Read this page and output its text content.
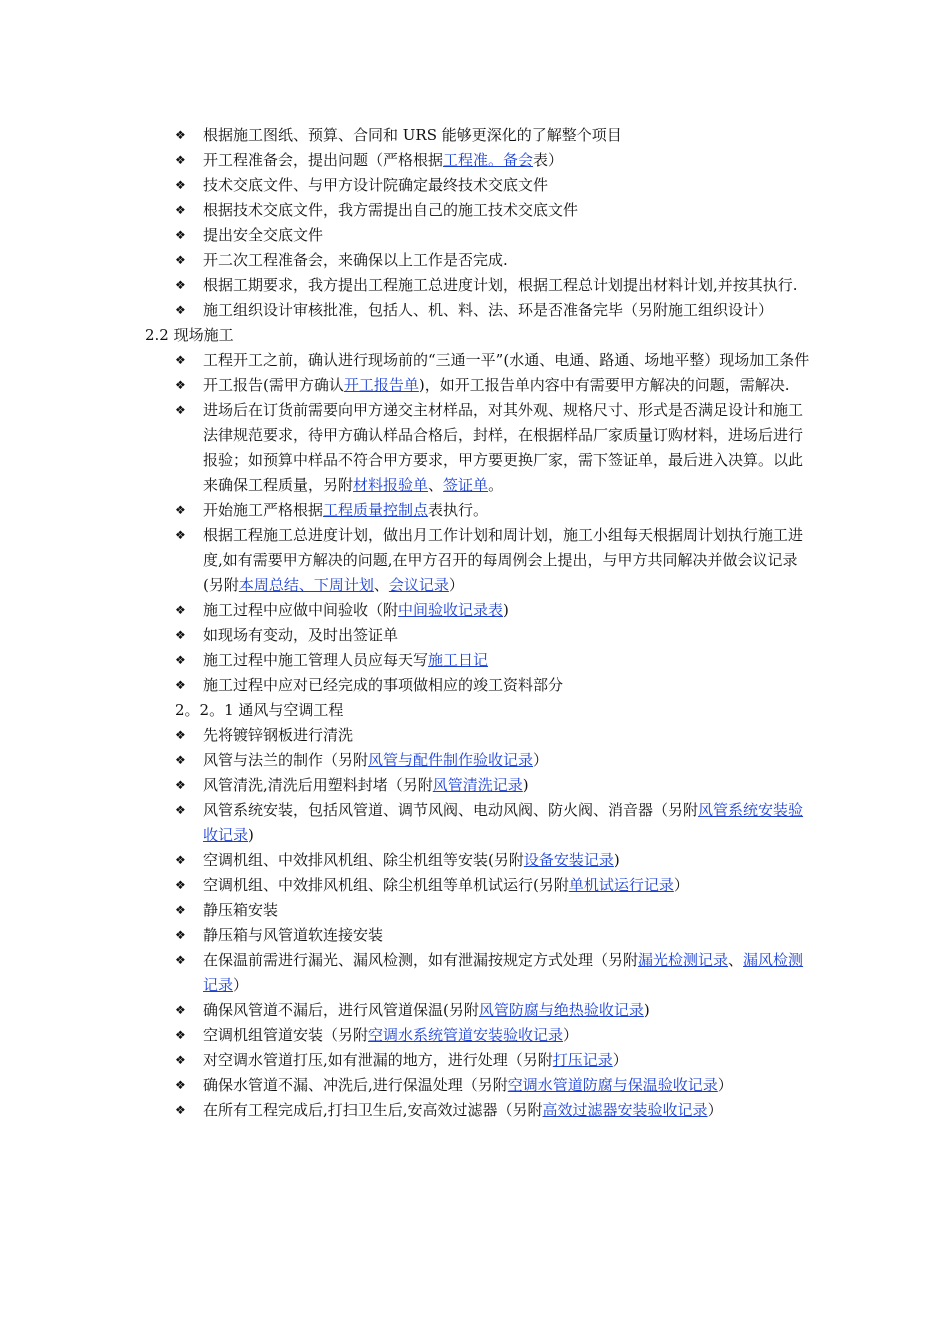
❖ 根据施工图纸、预算、合同和 URS 能够更深化的了解整个项目
❖ 开工程准备会，提出问题（严格根据工程准。备会表）
❖ 技术交底文件、与甲方设计院确定最终技术交底文件
❖ 根据技术交底文件，我方需提出自己的施工技术交底文件
❖ 提出安全交底文件
❖ 开二次工程准备会，来确保以上工作是否完成.
❖ 根据工期要求，我方提出工程施工总进度计划，根据工程总计划提出材料计划,并按其执行.
❖ 施工组织设计审核批准，包括人、机、料、法、环是否准备完毕（另附施工组织设计）
2.2 现场施工
❖ 工程开工之前，确认进行现场前的“三通一平”(水通、电通、路通、场地平整）现场加工条件
❖ 开工报告(需甲方确认开工报告单)，如开工报告单内容中有需要甲方解决的问题，需解决.
❖ 进场后在订货前需要向甲方递交主材样品，对其外观、规格尺寸、形式是否满足设计和施工法律规范要求，待甲方确认样品合格后，封样，在根据样品厂家质量订购材料，进场后进行报验；如预算中样品不符合甲方要求，甲方要更换厂家，需下签证单，最后进入决算。以此来确保工程质量，另附材料报验单、签证单。
❖ 开始施工严格根据工程质量控制点表执行。
❖ 根据工程施工总进度计划，做出月工作计划和周计划，施工小组每天根据周计划执行施工进度,如有需要甲方解决的问题,在甲方召开的每周例会上提出，与甲方共同解决并做会议记录(另附本周总结、下周计划、会议记录）
❖ 施工过程中应做中间验收（附中间验收记录表)
❖ 如现场有变动，及时出签证单
❖ 施工过程中施工管理人员应每天写施工日记
❖ 施工过程中应对已经完成的事项做相应的竣工资料部分
2。2。1 通风与空调工程
❖ 先将镀锌钢板进行清洗
❖ 风管与法兰的制作（另附风管与配件制作验收记录）
❖ 风管清洗,清洗后用塑料封堵（另附风管清洗记录)
❖ 风管系统安装，包括风管道、调节风阀、电动风阀、防火阀、消音器（另附风管系统安装验收记录)
❖ 空调机组、中效排风机组、除尘机组等安装(另附设备安装记录)
❖ 空调机组、中效排风机组、除尘机组等单机试运行(另附单机试运行记录）
❖ 静压箱安装
❖ 静压箱与风管道软连接安装
❖ 在保温前需进行漏光、漏风检测，如有泄漏按规定方式处理（另附漏光检测记录、漏风检测记录）
❖ 确保风管道不漏后，进行风管道保温(另附风管防腐与绝热验收记录)
❖ 空调机组管道安装（另附空调水系统管道安装验收记录）
❖ 对空调水管道打压,如有泄漏的地方，进行处理（另附打压记录）
❖ 确保水管道不漏、冲洗后,进行保温处理（另附空调水管道防腐与保温验收记录）
❖ 在所有工程完成后,打扫卫生后,安高效过滤器（另附高效过滤器安装验收记录）
